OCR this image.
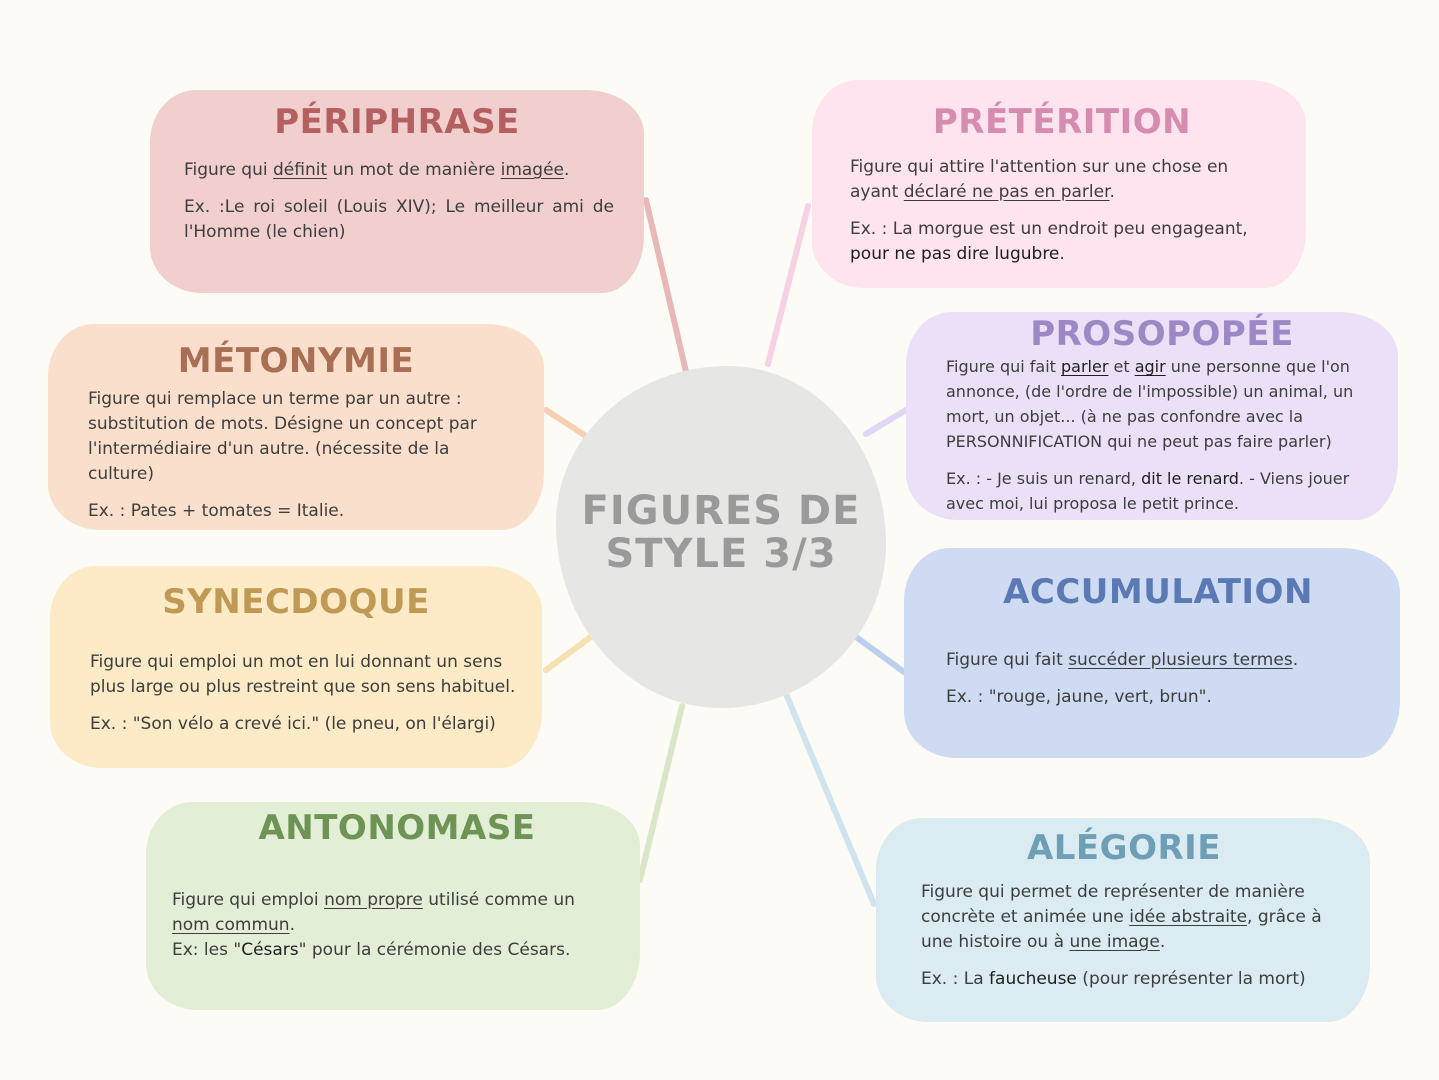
FIGURES DE
STYLE 3/3
PÉRIPHRASE

Figure qui définit un mot de manière imagée.

Ex. :Le roi soleil (Louis XIV); Le meilleur ami de l'Homme (le chien)

PRÉTÉRITION

Figure qui attire l'attention sur une chose en ayant déclaré ne pas en parler.

Ex. : La morgue est un endroit peu engageant, pour ne pas dire lugubre.

MÉTONYMIE

Figure qui remplace un terme par un autre :
substitution de mots. Désigne un concept par
l'intermédiaire d'un autre. (nécessite de la culture)

Ex. : Pates + tomates = Italie.

PROSOPOPÉE

Figure qui fait parler et agir une personne que l'on annonce, (de l'ordre de l'impossible) un animal, un mort, un objet... (à ne pas confondre avec la PERSONNIFICATION qui ne peut pas faire parler)

Ex. : - Je suis un renard, dit le renard. - Viens jouer avec moi, lui proposa le petit prince.

SYNECDOQUE

Figure qui emploi un mot en lui donnant un sens plus large ou plus restreint que son sens habituel.

Ex. : "Son vélo a crevé ici." (le pneu, on l'élargi)

ACCUMULATION

Figure qui fait succéder plusieurs termes.

Ex. : "rouge, jaune, vert, brun".

ANTONOMASE

Figure qui emploi nom propre utilisé comme un nom commun.
Ex: les "Césars" pour la cérémonie des Césars.

ALÉGORIE

Figure qui permet de représenter de manière concrète et animée une idée abstraite, grâce à une histoire ou à une image.

Ex. : La faucheuse (pour représenter la mort)
